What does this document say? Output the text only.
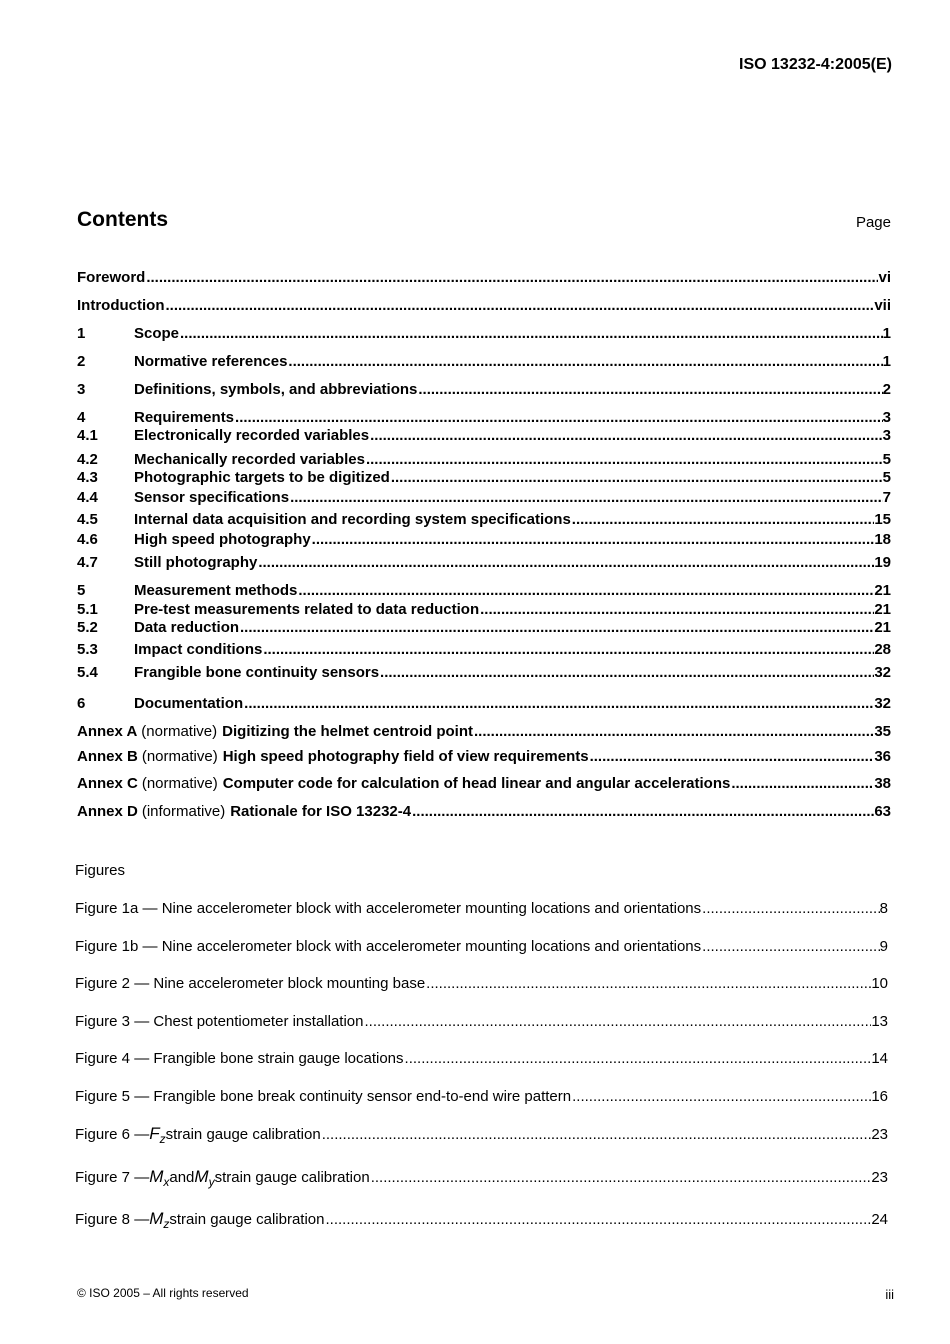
ISO 13232-4:2005(E)
Contents	Page
Foreword .....	vi
Introduction .....	vii
1	Scope .....	1
2	Normative references .....	1
3	Definitions, symbols, and abbreviations .....	2
4	Requirements .....	3
4.1	Electronically recorded variables .....	3
4.2	Mechanically recorded variables .....	5
4.3	Photographic targets to be digitized .....	5
4.4	Sensor specifications .....	7
4.5	Internal data acquisition and recording system specifications .....	15
4.6	High speed photography .....	18
4.7	Still photography .....	19
5	Measurement methods .....	21
5.1	Pre-test measurements related to data reduction .....	21
5.2	Data reduction .....	21
5.3	Impact conditions .....	28
5.4	Frangible bone continuity sensors .....	32
6	Documentation .....	32
Annex A (normative) Digitizing the helmet centroid point .....	35
Annex B (normative) High speed photography field of view requirements .....	36
Annex C (normative) Computer code for calculation of head linear and angular accelerations .....	38
Annex D (informative) Rationale for ISO 13232-4 .....	63
Figures
Figure 1a — Nine accelerometer block with accelerometer mounting locations and orientations .....	8
Figure 1b — Nine accelerometer block with accelerometer mounting locations and orientations .....	9
Figure 2 — Nine accelerometer block mounting base .....	10
Figure 3 — Chest potentiometer installation .....	13
Figure 4 — Frangible bone strain gauge locations .....	14
Figure 5 — Frangible bone break continuity sensor end-to-end wire pattern .....	16
Figure 6 — F z strain gauge calibration .....	23
Figure 7 — M x and M y strain gauge calibration .....	23
Figure 8 — M z strain gauge calibration .....	24
© ISO 2005 – All rights reserved	iii
